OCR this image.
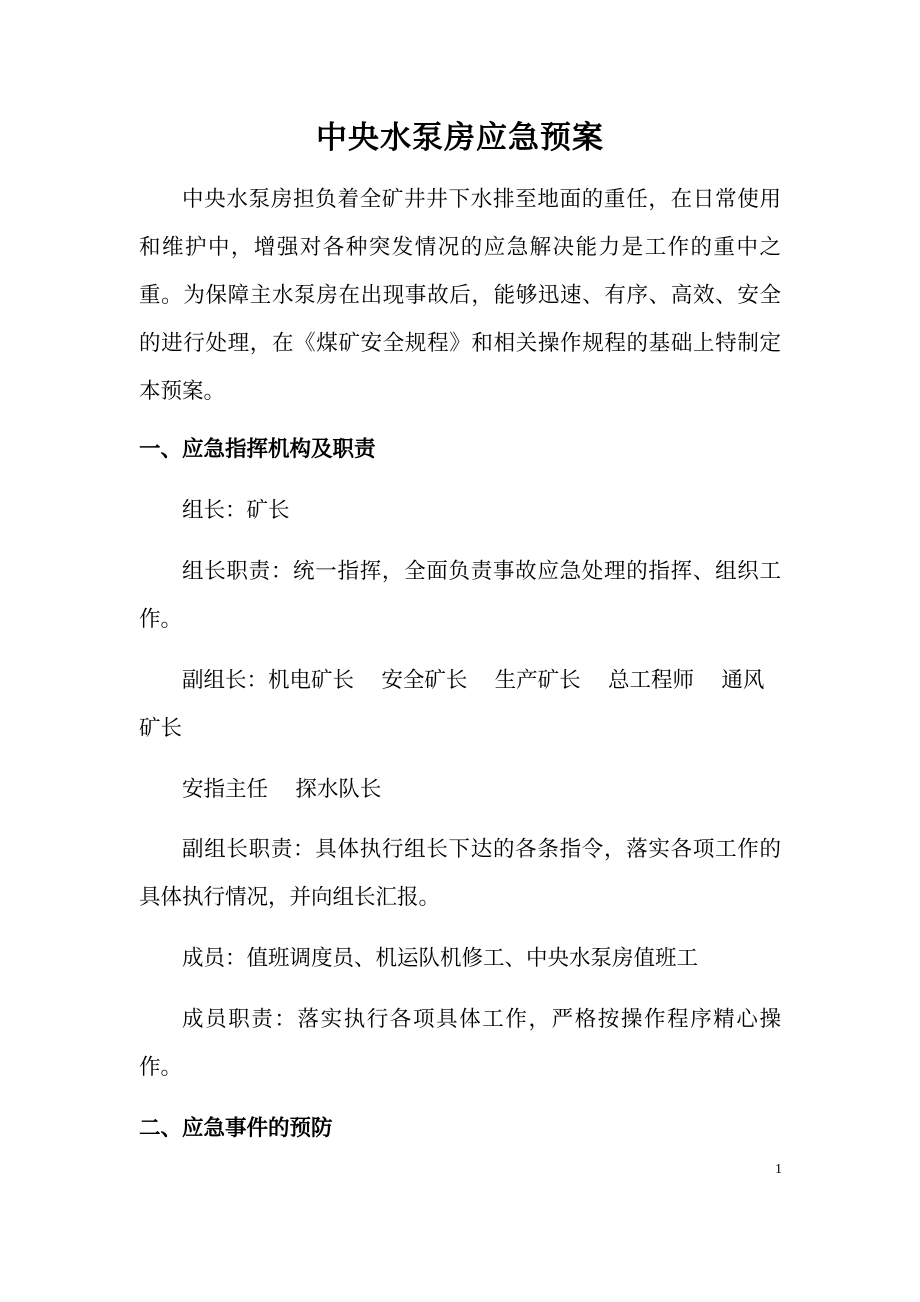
中央水泵房应急预案

中央水泵房担负着全矿井井下水排至地面的重任，在日常使用和维护中，增强对各种突发情况的应急解决能力是工作的重中之重。为保障主水泵房在出现事故后，能够迅速、有序、高效、安全的进行处理，在《煤矿安全规程》和相关操作规程的基础上特制定本预案。

一、应急指挥机构及职责

组长：矿长

组长职责：统一指挥，全面负责事故应急处理的指挥、组织工作。

副组长：机电矿长    安全矿长    生产矿长    总工程师    通风

矿长

安指主任    探水队长

副组长职责：具体执行组长下达的各条指令，落实各项工作的具体执行情况，并向组长汇报。

成员：值班调度员、机运队机修工、中央水泵房值班工

成员职责：落实执行各项具体工作，严格按操作程序精心操作。

二、应急事件的预防

1
